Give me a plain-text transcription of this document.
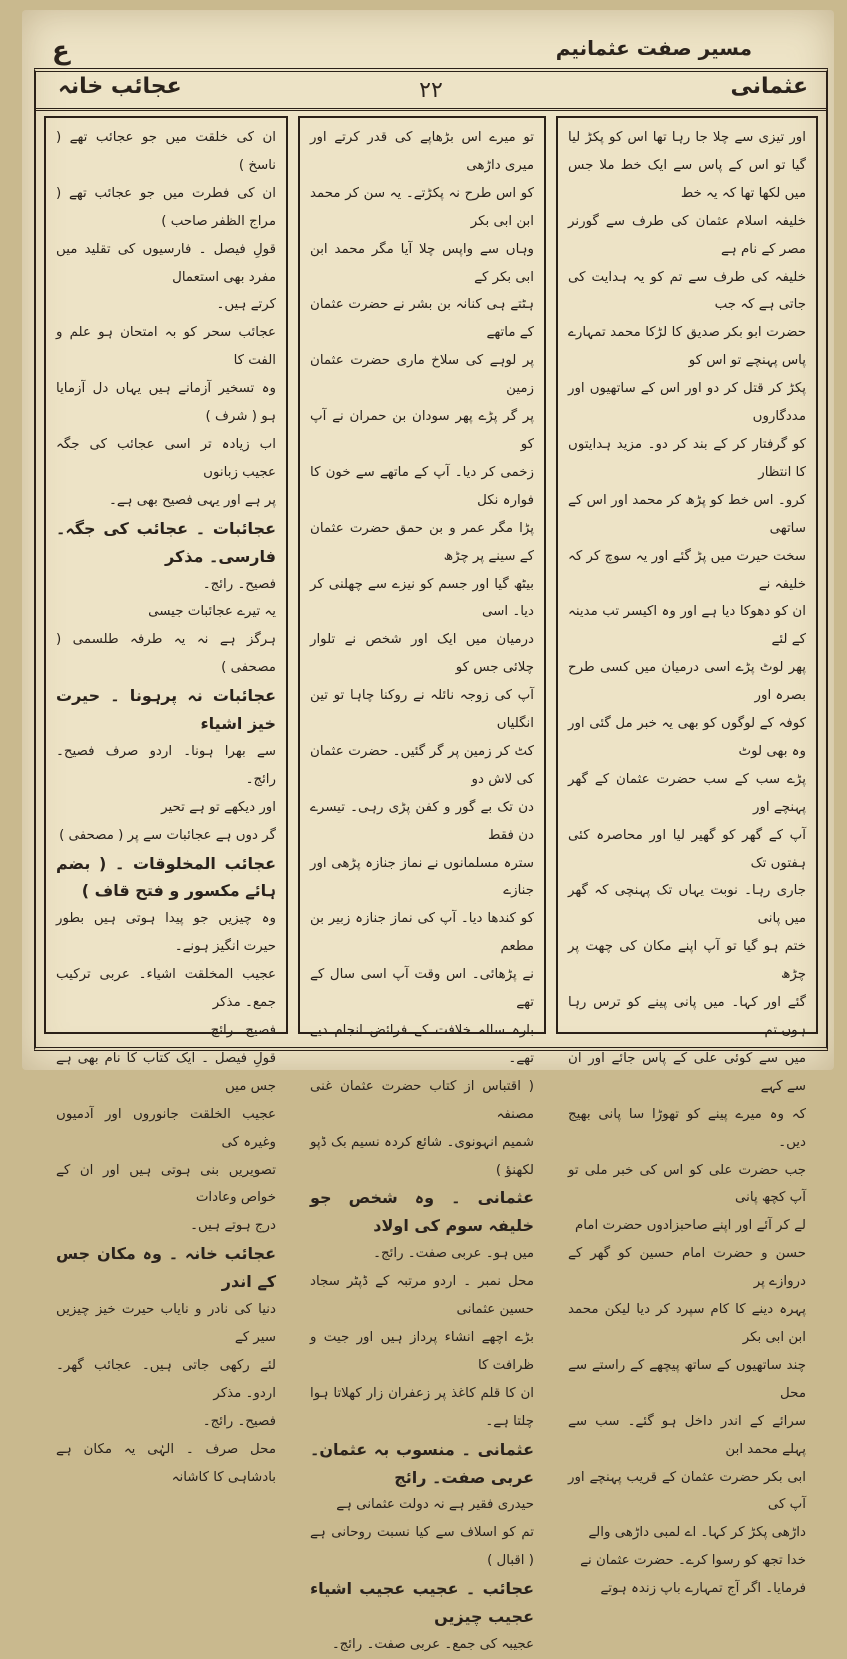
مسیر صفت عثمانیم
ع
عثمانی
۲۲
عجائب خانہ

اور تیزی سے چلا جا رہا تھا اس کو پکڑ لیا گیا تو اس کے پاس سے ایک خط ملا جس میں لکھا تھا کہ یہ خط

خلیفہ اسلام عثمان کی طرف سے گورنر مصر کے نام ہے

خلیفہ کی طرف سے تم کو یہ ہدایت کی جاتی ہے کہ جب

حضرت ابو بکر صدیق کا لڑکا محمد تمہارے پاس پہنچے تو اس کو

پکڑ کر قتل کر دو اور اس کے ساتھیوں اور مددگاروں

کو گرفتار کر کے بند کر دو۔ مزید ہدایتوں کا انتظار

کرو۔ اس خط کو پڑھ کر محمد اور اس کے ساتھی

سخت حیرت میں پڑ گئے اور یہ سوچ کر کہ خلیفہ نے

ان کو دھوکا دیا ہے اور وہ اکیسر تب مدینہ کے لئے

پھر لوٹ پڑے اسی درمیان میں کسی طرح بصرہ اور

کوفہ کے لوگوں کو بھی یہ خبر مل گئی اور وہ بھی لوٹ

پڑے سب کے سب حضرت عثمان کے گھر پہنچے اور

آپ کے گھر کو گھیر لیا اور محاصرہ کئی ہفتوں تک

جاری رہا۔ نوبت یہاں تک پہنچی کہ گھر میں پانی

ختم ہو گیا تو آپ اپنے مکان کی چھت پر چڑھ

گئے اور کہا۔ میں پانی پینے کو ترس رہا ہوں تم

میں سے کوئی علی کے پاس جائے اور ان سے کہے

کہ وہ میرے پینے کو تھوڑا سا پانی بھیج دیں۔

جب حضرت علی کو اس کی خبر ملی تو آپ کچھ پانی

لے کر آئے اور اپنے صاحبزادوں حضرت امام

حسن و حضرت امام حسین کو گھر کے دروازے پر

پہرہ دینے کا کام سپرد کر دیا لیکن محمد ابن ابی بکر

چند ساتھیوں کے ساتھ پیچھے کے راستے سے محل

سرائے کے اندر داخل ہو گئے۔ سب سے پہلے محمد ابن

ابی بکر حضرت عثمان کے قریب پہنچے اور آپ کی

داڑھی پکڑ کر کہا۔ اے لمبی داڑھی والے

خدا تجھ کو رسوا کرے۔ حضرت عثمان نے

فرمایا۔ اگر آج تمہارے باپ زندہ ہوتے

تو میرے اس بڑھاپے کی قدر کرتے اور میری داڑھی

کو اس طرح نہ پکڑتے۔ یہ سن کر محمد ابن ابی بکر

وہاں سے واپس چلا آیا مگر محمد ابن ابی بکر کے

ہٹتے ہی کنانہ بن بشر نے حضرت عثمان کے ماتھے

پر لوہے کی سلاخ ماری حضرت عثمان زمین

پر گر پڑے پھر سودان بن حمران نے آپ کو

زخمی کر دیا۔ آپ کے ماتھے سے خون کا فوارہ نکل

پڑا مگر عمر و بن حمق حضرت عثمان کے سینے پر چڑھ

بیٹھ گیا اور جسم کو نیزے سے چھلنی کر دیا۔ اسی

درمیان میں ایک اور شخص نے تلوار چلائی جس کو

آپ کی زوجہ نائلہ نے روکنا چاہا تو تین انگلیاں

کٹ کر زمین پر گر گئیں۔ حضرت عثمان کی لاش دو

دن تک بے گور و کفن پڑی رہی۔ تیسرے دن فقط

سترہ مسلمانوں نے نماز جنازہ پڑھی اور جنازے

کو کندھا دیا۔ آپ کی نماز جنازہ زبیر بن مطعم

نے پڑھائی۔ اس وقت آپ اسی سال کے تھے

بارہ سالہ خلافت کے فرائض انجام دیے تھے۔

( اقتباس از کتاب حضرت عثمان غنی مصنفہ

شمیم انہونوی۔ شائع کردہ نسیم بک ڈپو لکھنؤ )

عثمانی ۔ وہ شخص جو خلیفہ سوم کی اولاد

میں ہو۔ عربی صفت۔ رائج۔

محل نمبر ۔ اردو مرتبہ کے ڈپٹر سجاد حسین عثمانی

بڑے اچھے انشاء پرداز ہیں اور جیت و ظرافت کا

ان کا قلم کاغذ پر زعفران زار کھلاتا ہوا چلتا ہے۔

عثمانی ۔ منسوب بہ عثمان۔ عربی صفت۔ رائج

حیدری فقیر ہے نہ دولت عثمانی ہے

تم کو اسلاف سے کیا نسبت روحانی ہے ( اقبال )

عجائب ۔ عجیب عجیب اشیاء عجیب چیزیں

عجیبہ کی جمع۔ عربی صفت۔ رائج۔

ان کی خلقت میں جو عجائب تھے ( ناسخ )

ان کی فطرت میں جو عجائب تھے ( مراج الظفر صاحب )

قولِ فیصل ۔ فارسیوں کی تقلید میں مفرد بھی استعمال

کرتے ہیں۔

عجائب سحر کو بہ امتحان ہو علم و الفت کا

وہ تسخیر آزمانے ہیں یہاں دل آزمایا ہو ( شرف )

اب زیادہ تر اسی عجائب کی جگہ عجیب زبانوں

پر ہے اور یہی فصیح بھی ہے۔

عجائبات ۔ عجائب کی جگہ۔ فارسی۔ مذکر

فصیح۔ رائج۔

یہ تیرے عجائبات جیسی

ہرگز ہے نہ یہ طرفہ طلسمی ( مصحفی )

عجائبات نہ پرہونا ۔ حیرت خیز اشیاء

سے بھرا ہونا۔ اردو صرف فصیح۔ رائج۔

اور دیکھے تو ہے تحیر

گر دوں ہے عجائبات سے پر ( مصحفی )

عجائب المخلوقات ۔ ( بضم ہائے مکسور و فتح قاف )

وہ چیزیں جو پیدا ہوتی ہیں بطور حیرت انگیز ہونے۔

عجیب المخلقت اشیاء۔ عربی ترکیب جمع۔ مذکر

فصیح۔ رائج۔

قولِ فیصل ۔ ایک کتاب کا نام بھی ہے جس میں

عجیب الخلقت جانوروں اور آدمیوں وغیرہ کی

تصویریں بنی ہوتی ہیں اور ان کے خواص وعادات

درج ہوتے ہیں۔

عجائب خانہ ۔ وہ مکان جس کے اندر

دنیا کی نادر و نایاب حیرت خیز چیزیں سیر کے

لئے رکھی جاتی ہیں۔ عجائب گھر۔ اردو۔ مذکر

فصیح۔ رائج۔

محل صرف ۔ الہٰی یہ مکان ہے بادشاہی کا کاشانہ
